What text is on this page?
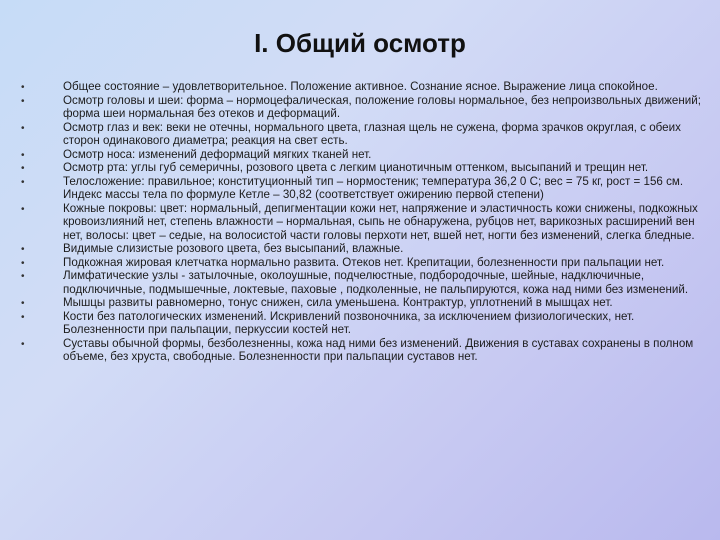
I. Общий осмотр
•	Общее состояние – удовлетворительное. Положение активное. Сознание ясное. Выражение лица спокойное.
•	Осмотр головы и шеи: форма – нормоцефалическая, положение головы нормальное, без непроизвольных движений; форма шеи нормальная без отеков и деформаций.
•	Осмотр глаз и век: веки не отечны, нормального цвета, глазная щель не сужена, форма зрачков округлая, с обеих сторон одинакового диаметра; реакция на свет есть.
•	Осмотр носа: изменений деформаций мягких тканей нет.
•	Осмотр рта: углы губ семеричны, розового цвета с легким цианотичным оттенком, высыпаний и трещин нет.
•	Телосложение: правильное; конституционный тип – нормостеник; температура 36,2 0 С; вес = 75 кг, рост = 156 см. Индекс массы тела по формуле Кетле – 30,82 (соответствует ожирению первой степени)
•	Кожные покровы: цвет: нормальный, депигментации кожи нет, напряжение и эластичность кожи снижены, подкожных кровоизлияний нет, степень влажности – нормальная, сыпь не обнаружена, рубцов нет, варикозных расширений вен нет, волосы: цвет – седые, на волосистой части головы перхоти нет, вшей нет, ногти без изменений, слегка бледные.
•	Видимые слизистые розового цвета, без высыпаний, влажные.
•	Подкожная жировая клетчатка нормально развита. Отеков нет. Крепитации, болезненности при пальпации нет.
•	Лимфатические узлы - затылочные, околоушные, подчелюстные, подбородочные, шейные, надключичные, подключичные, подмышечные, локтевые, паховые , подколенные, не пальпируются, кожа над ними без изменений.
•	Мышцы развиты равномерно, тонус снижен, сила уменьшена. Контрактур, уплотнений в мышцах нет.
•	Кости без патологических изменений. Искривлений позвоночника, за исключением физиологических, нет. Болезненности при пальпации, перкуссии костей нет.
•	Суставы обычной формы, безболезненны, кожа над ними без изменений. Движения в суставах сохранены в полном объеме, без хруста, свободные. Болезненности при пальпации суставов нет.
